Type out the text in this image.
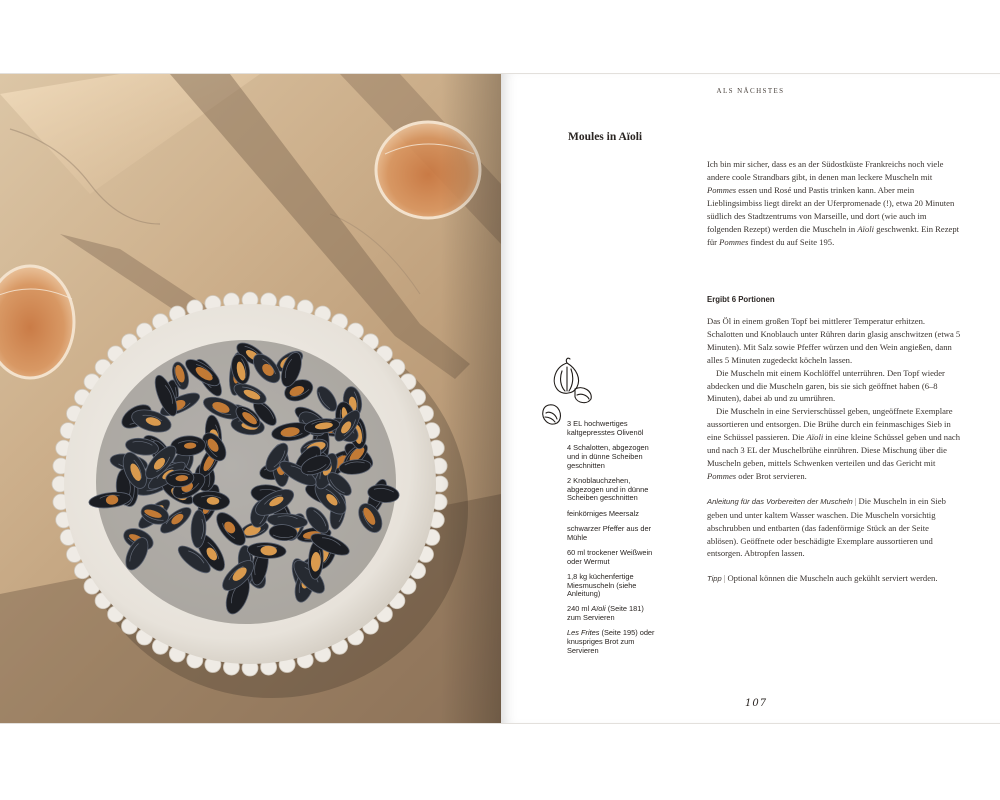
ALS NÄCHSTES
Moules in Aïoli

Ich bin mir sicher, dass es an der Südostküste Frankreichs noch viele andere coole Strandbars gibt, in denen man leckere Muscheln mit Pommes essen und Rosé und Pastis trinken kann. Aber mein Lieblingsimbiss liegt direkt an der Uferpromenade (!), etwa 20 Minuten südlich des Stadtzentrums von Marseille, und dort (wie auch im folgenden Rezept) werden die Muscheln in Aïoli geschwenkt. Ein Rezept für Pommes findest du auf Seite 195.

Ergibt 6 Portionen

Das Öl in einem großen Topf bei mittlerer Temperatur erhitzen. Schalotten und Knoblauch unter Rühren darin glasig anschwitzen (etwa 5 Minuten). Mit Salz sowie Pfeffer würzen und den Wein angießen, dann alles 5 Minuten zugedeckt köcheln lassen.

Die Muscheln mit einem Kochlöffel unterrühren. Den Topf wieder abdecken und die Muscheln garen, bis sie sich geöffnet haben (6–8 Minuten), dabei ab und zu umrühren.

Die Muscheln in eine Servierschüssel geben, ungeöffnete Exemplare aussortieren und entsorgen. Die Brühe durch ein feinmaschiges Sieb in eine Schüssel passieren. Die Aïoli in eine kleine Schüssel geben und nach und nach 3 EL der Muschelbrühe einrühren. Diese Mischung über die Muscheln geben, mittels Schwenken verteilen und das Gericht mit Pommes oder Brot servieren.

Anleitung für das Vorbereiten der Muscheln | Die Muscheln in ein Sieb geben und unter kaltem Wasser waschen. Die Muscheln vorsichtig abschrubben und entbarten (das fadenförmige Stück an der Seite ablösen). Geöffnete oder beschädigte Exemplare aussortieren und entsorgen. Abtropfen lassen.

Tipp | Optional können die Muscheln auch gekühlt serviert werden.

3 EL hochwertiges kaltgepresstes Olivenöl
4 Schalotten, abgezogen und in dünne Scheiben geschnitten
2 Knoblauchzehen, abgezogen und in dünne Scheiben geschnitten
feinkörniges Meersalz
schwarzer Pfeffer aus der Mühle
60 ml trockener Weißwein oder Wermut
1,8 kg küchenfertige Miesmuscheln (siehe Anleitung)
240 ml Aïoli (Seite 181) zum Servieren
Les Frites (Seite 195) oder knuspriges Brot zum Servieren
107
